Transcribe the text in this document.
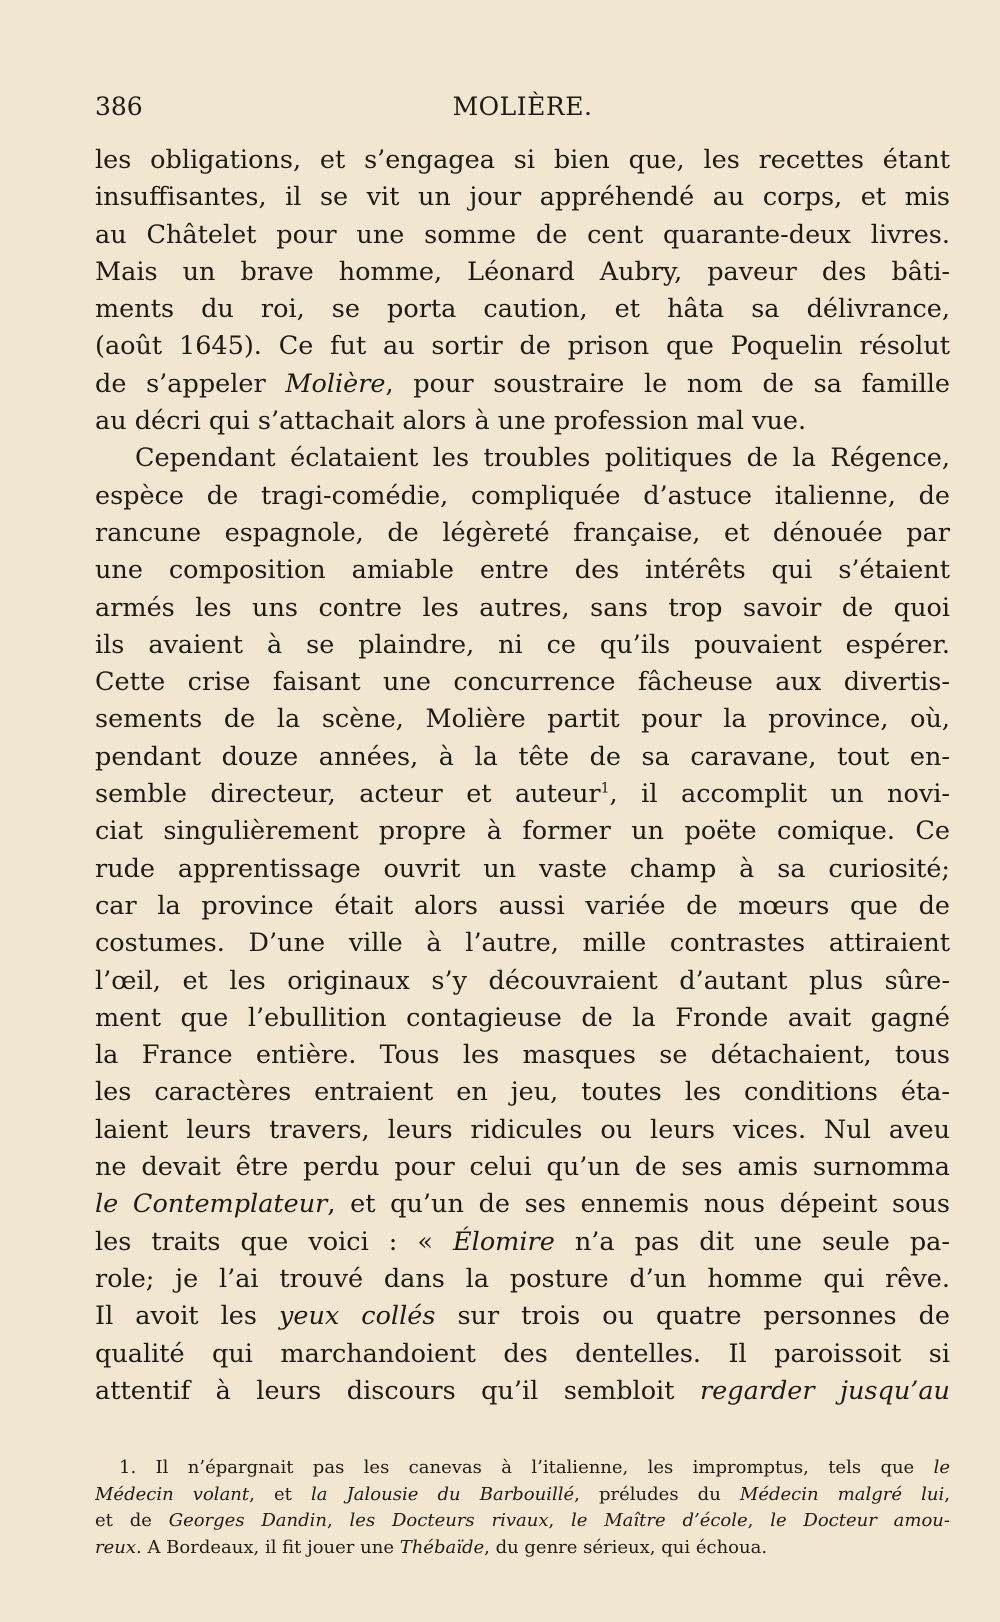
386	MOLIÈRE.
les obligations, et s’engagea si bien que, les recettes étant
insuffisantes, il se vit un jour appréhendé au corps, et mis
au Châtelet pour une somme de cent quarante-deux livres.
Mais un brave homme, Léonard Aubry, paveur des bâti-
ments du roi, se porta caution, et hâta sa délivrance,
(août 1645). Ce fut au sortir de prison que Poquelin résolut
de s’appeler Molière, pour soustraire le nom de sa famille
au décri qui s’attachait alors à une profession mal vue.
Cependant éclataient les troubles politiques de la Régence,
espèce de tragi-comédie, compliquée d’astuce italienne, de
rancune espagnole, de légèreté française, et dénouée par
une composition amiable entre des intérêts qui s’étaient
armés les uns contre les autres, sans trop savoir de quoi
ils avaient à se plaindre, ni ce qu’ils pouvaient espérer.
Cette crise faisant une concurrence fâcheuse aux divertis-
sements de la scène, Molière partit pour la province, où,
pendant douze années, à la tête de sa caravane, tout en-
semble directeur, acteur et auteur$^1$, il accomplit un novi-
ciat singulièrement propre à former un poëte comique. Ce
rude apprentissage ouvrit un vaste champ à sa curiosité;
car la province était alors aussi variée de mœurs que de
costumes. D’une ville à l’autre, mille contrastes attiraient
l’œil, et les originaux s’y découvraient d’autant plus sûre-
ment que l’ebullition contagieuse de la Fronde avait gagné
la France entière. Tous les masques se détachaient, tous
les caractères entraient en jeu, toutes les conditions éta-
laient leurs travers, leurs ridicules ou leurs vices. Nul aveu
ne devait être perdu pour celui qu’un de ses amis surnomma
le Contemplateur, et qu’un de ses ennemis nous dépeint sous
les traits que voici : « Élomire n’a pas dit une seule pa-
role; je l’ai trouvé dans la posture d’un homme qui rêve.
Il avoit les yeux collés sur trois ou quatre personnes de
qualité qui marchandoient des dentelles. Il paroissoit si
attentif à leurs discours qu’il sembloit regarder jusqu’au
1. Il n’épargnait pas les canevas à l’italienne, les impromptus, tels que le
Médecin volant, et la Jalousie du Barbouillé, préludes du Médecin malgré lui,
et de Georges Dandin, les Docteurs rivaux, le Maître d’école, le Docteur amou-
reux. A Bordeaux, il fit jouer une Thébaïde, du genre sérieux, qui échoua.
